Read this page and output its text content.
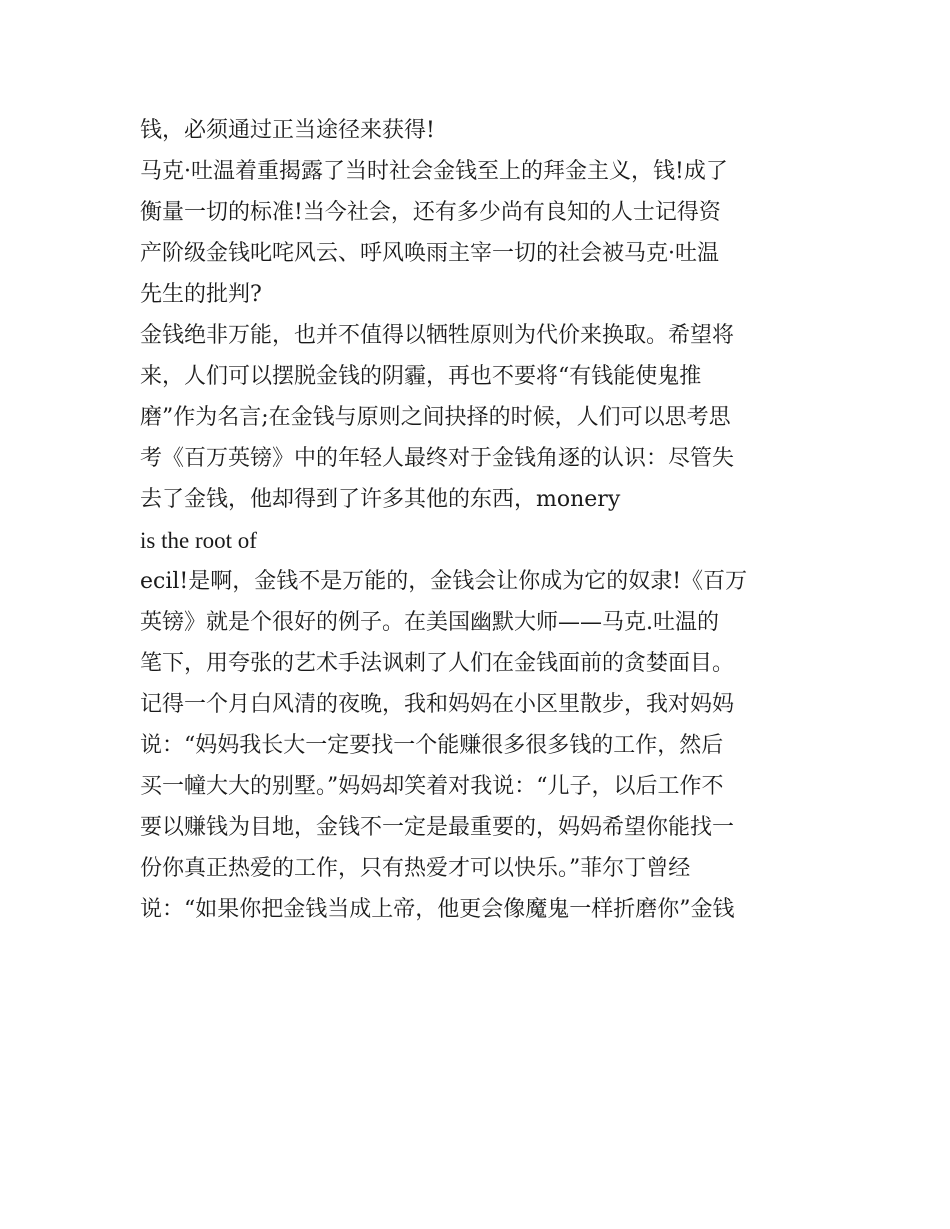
钱，必须通过正当途径来获得!
马克·吐温着重揭露了当时社会金钱至上的拜金主义，钱!成了
衡量一切的标准!当今社会，还有多少尚有良知的人士记得资
产阶级金钱叱咤风云、呼风唤雨主宰一切的社会被马克·吐温
先生的批判?
金钱绝非万能，也并不值得以牺牲原则为代价来换取。希望将
来，人们可以摆脱金钱的阴霾，再也不要将“有钱能使鬼推
磨”作为名言;在金钱与原则之间抉择的时候，人们可以思考思
考《百万英镑》中的年轻人最终对于金钱角逐的认识：尽管失
去了金钱，他却得到了许多其他的东西，monery
is the root of
ecil!是啊，金钱不是万能的，金钱会让你成为它的奴隶!《百万
英镑》就是个很好的例子。在美国幽默大师——马克.吐温的
笔下，用夸张的艺术手法讽刺了人们在金钱面前的贪婪面目。
记得一个月白风清的夜晚，我和妈妈在小区里散步，我对妈妈
说：“妈妈我长大一定要找一个能赚很多很多钱的工作，然后
买一幢大大的别墅。”妈妈却笑着对我说：“儿子，以后工作不
要以赚钱为目地，金钱不一定是最重要的，妈妈希望你能找一
份你真正热爱的工作，只有热爱才可以快乐。”菲尔丁曾经
说：“如果你把金钱当成上帝，他更会像魔鬼一样折磨你”金钱
